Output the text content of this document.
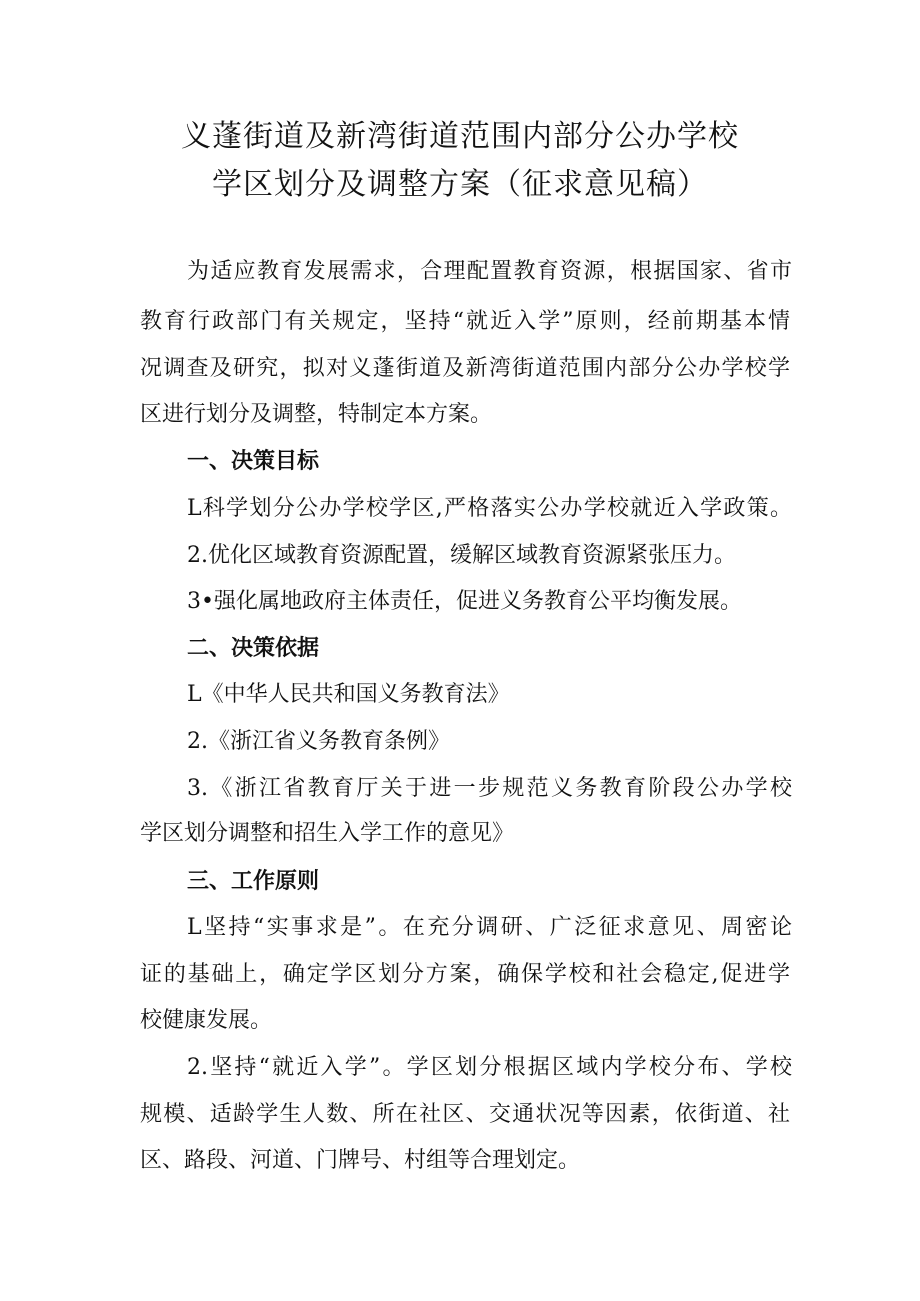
义蓬街道及新湾街道范围内部分公办学校
学区划分及调整方案（征求意见稿）
为适应教育发展需求，合理配置教育资源，根据国家、省市
教育行政部门有关规定，坚持“就近入学”原则，经前期基本情
况调查及研究，拟对义蓬街道及新湾街道范围内部分公办学校学
区进行划分及调整，特制定本方案。
一、决策目标
L科学划分公办学校学区,严格落实公办学校就近入学政策。
2.优化区域教育资源配置，缓解区域教育资源紧张压力。
3•强化属地政府主体责任，促进义务教育公平均衡发展。
二、决策依据
L《中华人民共和国义务教育法》
2.《浙江省义务教育条例》
3.《浙江省教育厅关于进一步规范义务教育阶段公办学校
学区划分调整和招生入学工作的意见》
三、工作原则
L坚持“实事求是”。在充分调研、广泛征求意见、周密论
证的基础上，确定学区划分方案，确保学校和社会稳定,促进学
校健康发展。
2.坚持“就近入学”。学区划分根据区域内学校分布、学校
规模、适龄学生人数、所在社区、交通状况等因素，依街道、社
区、路段、河道、门牌号、村组等合理划定。
